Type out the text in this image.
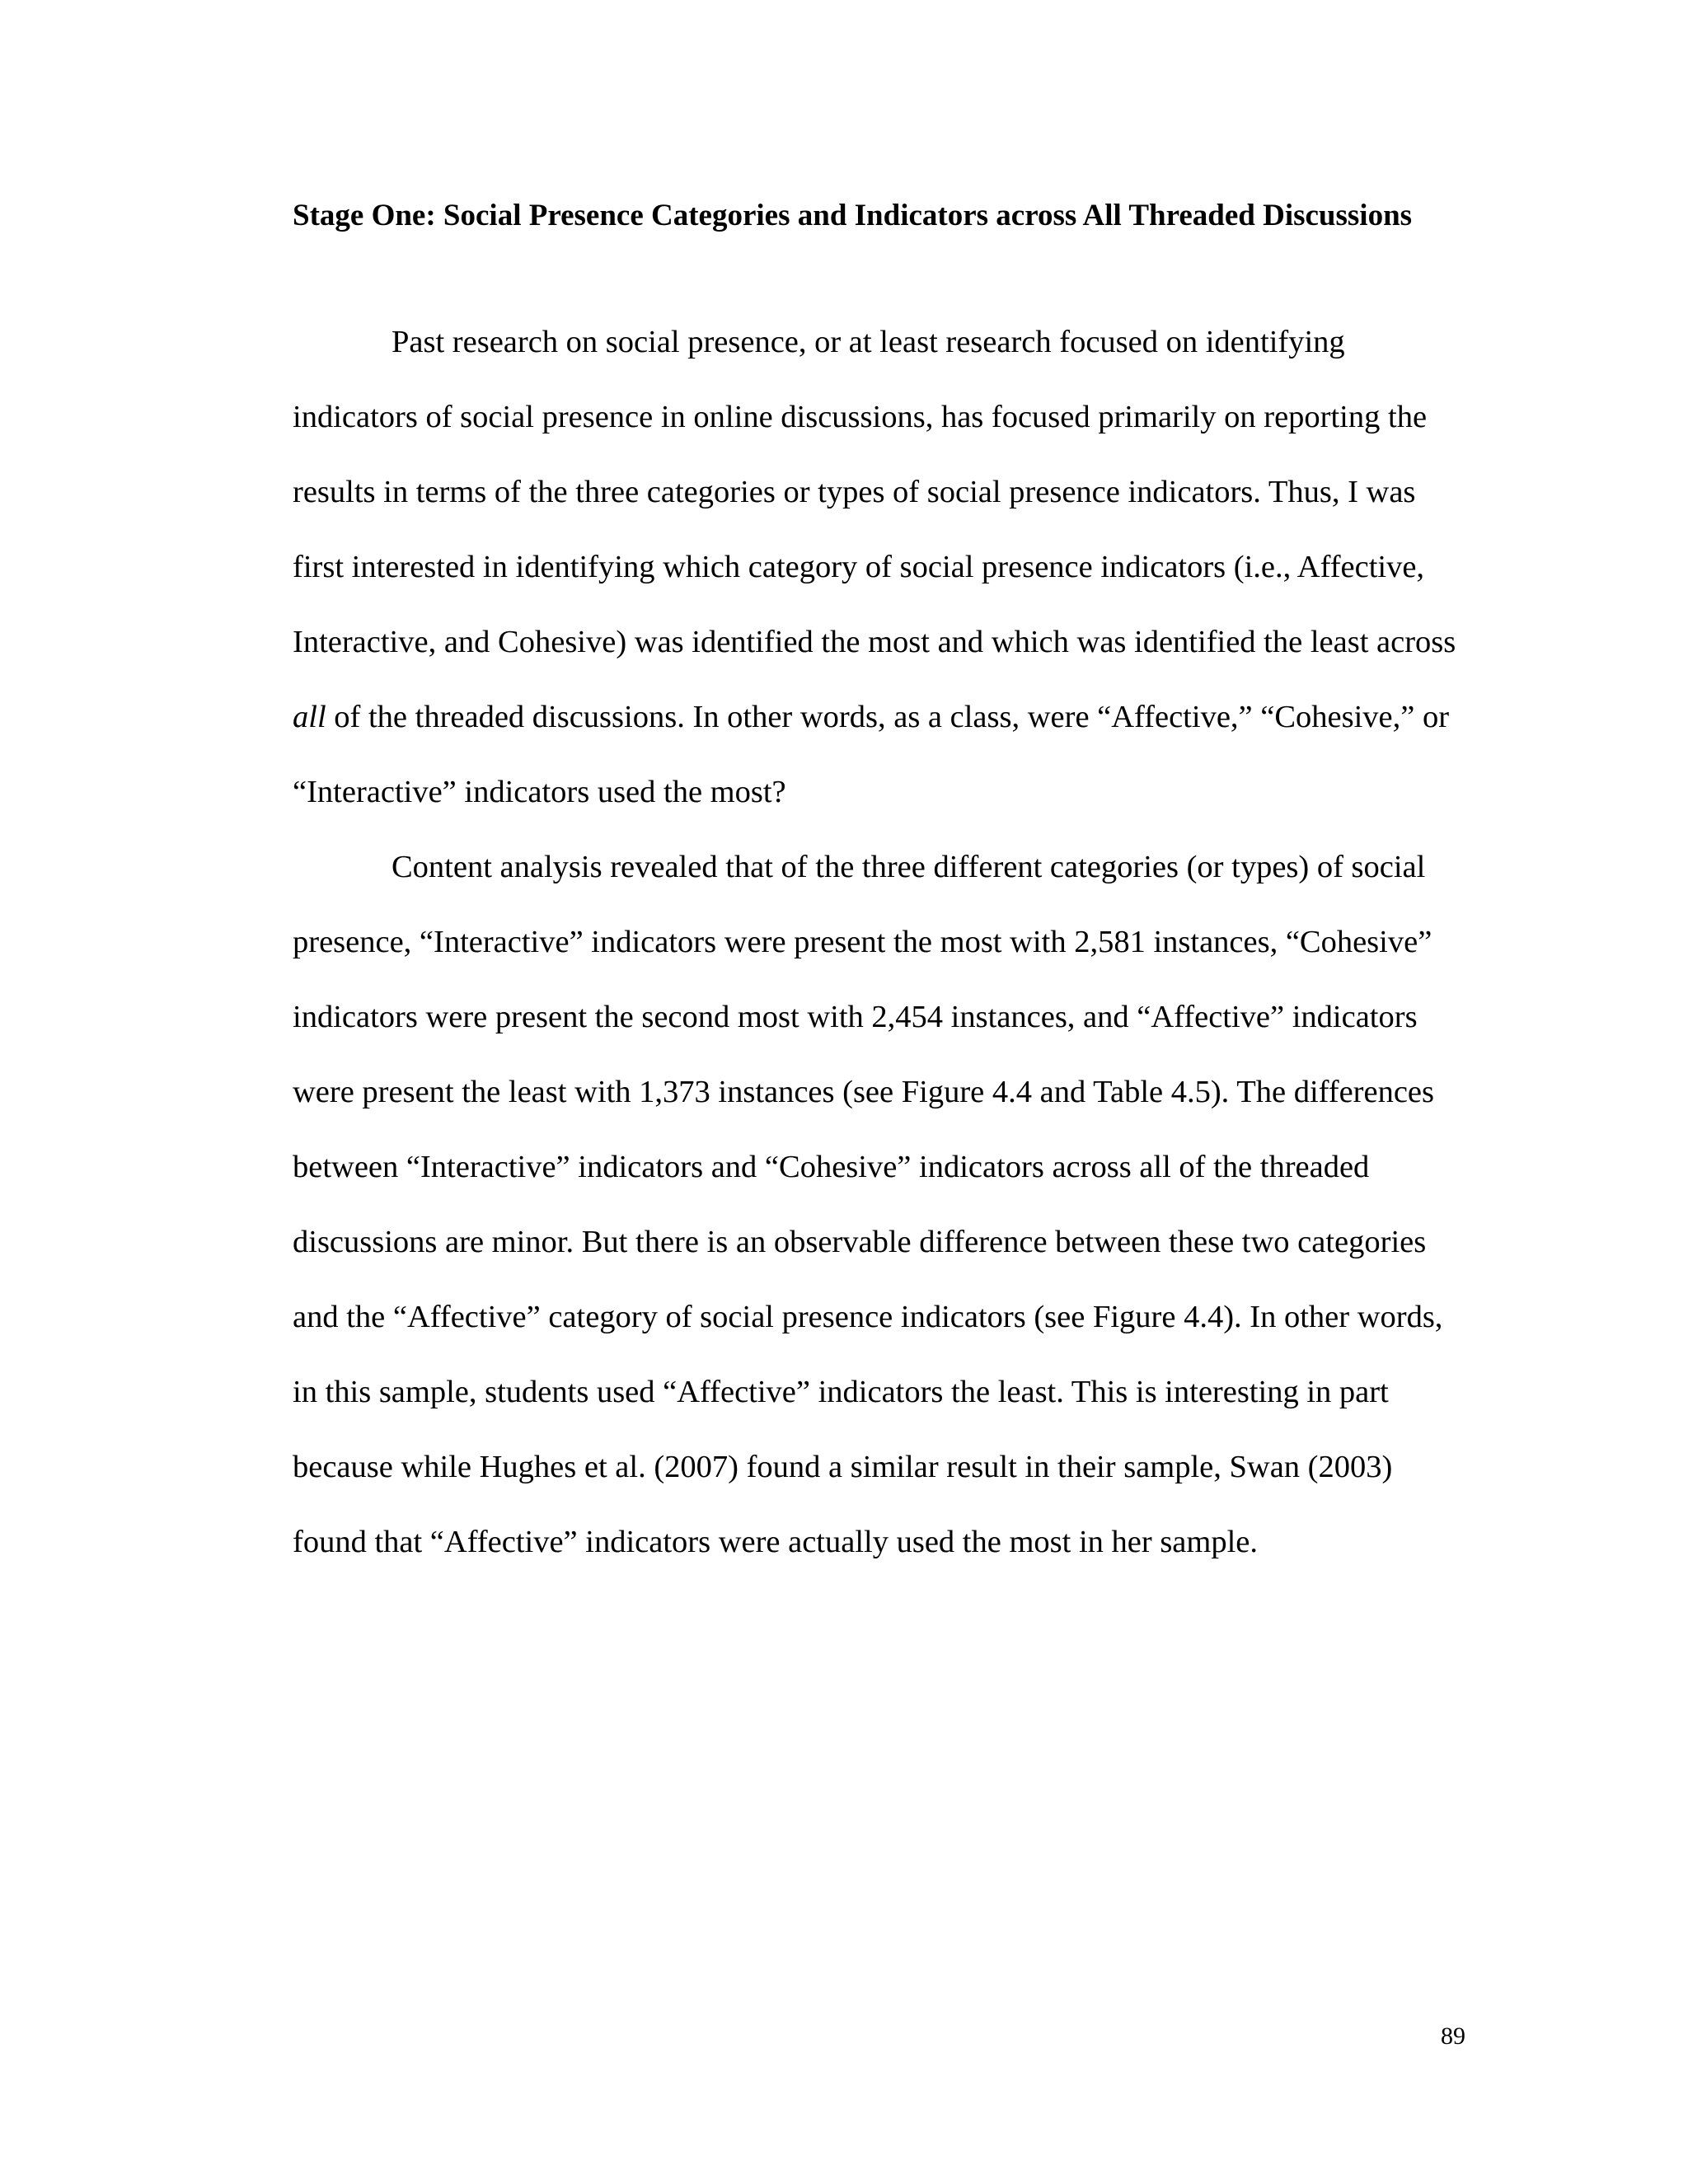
Stage One: Social Presence Categories and Indicators across All Threaded Discussions

Past research on social presence, or at least research focused on identifying indicators of social presence in online discussions, has focused primarily on reporting the results in terms of the three categories or types of social presence indicators. Thus, I was first interested in identifying which category of social presence indicators (i.e., Affective, Interactive, and Cohesive) was identified the most and which was identified the least across all of the threaded discussions. In other words, as a class, were “Affective,” “Cohesive,” or “Interactive” indicators used the most?

Content analysis revealed that of the three different categories (or types) of social presence, “Interactive” indicators were present the most with 2,581 instances, “Cohesive” indicators were present the second most with 2,454 instances, and “Affective” indicators were present the least with 1,373 instances (see Figure 4.4 and Table 4.5). The differences between “Interactive” indicators and “Cohesive” indicators across all of the threaded discussions are minor. But there is an observable difference between these two categories and the “Affective” category of social presence indicators (see Figure 4.4). In other words, in this sample, students used “Affective” indicators the least. This is interesting in part because while Hughes et al. (2007) found a similar result in their sample, Swan (2003) found that “Affective” indicators were actually used the most in her sample.

89
